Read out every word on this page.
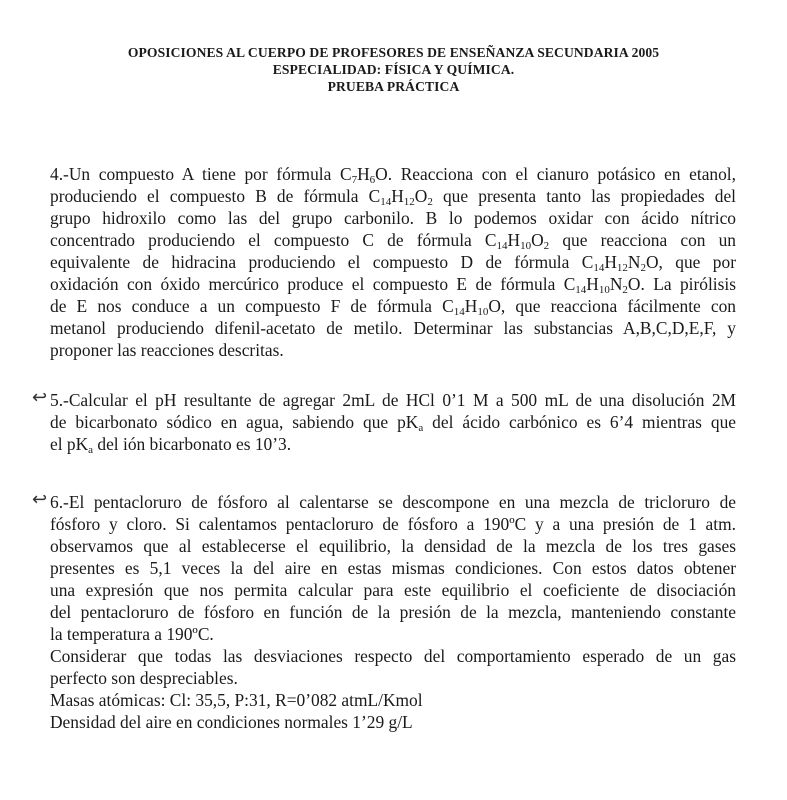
OPOSICIONES AL CUERPO DE PROFESORES DE ENSEÑANZA SECUNDARIA 2005
ESPECIALIDAD: FÍSICA Y QUÍMICA.
PRUEBA PRÁCTICA
4.-Un compuesto A tiene por fórmula $C_7H_6O$. Reacciona con el cianuro potásico en etanol,
produciendo el compuesto B de fórmula $C_{14}H_{12}O_2$ que presenta tanto las propiedades del
grupo hidroxilo como las del grupo carbonilo. B lo podemos oxidar con ácido nítrico
concentrado produciendo el compuesto C de fórmula $C_{14}H_{10}O_2$ que reacciona con un
equivalente de hidracina produciendo el compuesto D de fórmula $C_{14}H_{12}N_2O$, que por
oxidación con óxido mercúrico produce el compuesto E de fórmula $C_{14}H_{10}N_2O$. La pirólisis
de E nos conduce a un compuesto F de fórmula $C_{14}H_{10}O$, que reacciona fácilmente con
metanol produciendo difenil-acetato de metilo. Determinar las substancias A,B,C,D,E,F, y
proponer las reacciones descritas.
↩ 5.-Calcular el pH resultante de agregar 2mL de HCl 0’1 M a 500 mL de una disolución 2M
de bicarbonato sódico en agua, sabiendo que $pK_a$ del ácido carbónico es 6’4 mientras que
el $pK_a$ del ión bicarbonato es 10’3.
↩ 6.-El pentacloruro de fósforo al calentarse se descompone en una mezcla de tricloruro de
fósforo y cloro. Si calentamos pentacloruro de fósforo a 190ºC y a una presión de 1 atm.
observamos que al establecerse el equilibrio, la densidad de la mezcla de los tres gases
presentes es 5,1 veces la del aire en estas mismas condiciones. Con estos datos obtener
una expresión que nos permita calcular para este equilibrio el coeficiente de disociación
del pentacloruro de fósforo en función de la presión de la mezcla, manteniendo constante
la temperatura a 190ºC.
Considerar que todas las desviaciones respecto del comportamiento esperado de un gas
perfecto son despreciables.
Masas atómicas: Cl: 35,5, P:31, R=0’082 atmL/Kmol
Densidad del aire en condiciones normales 1’29 g/L
